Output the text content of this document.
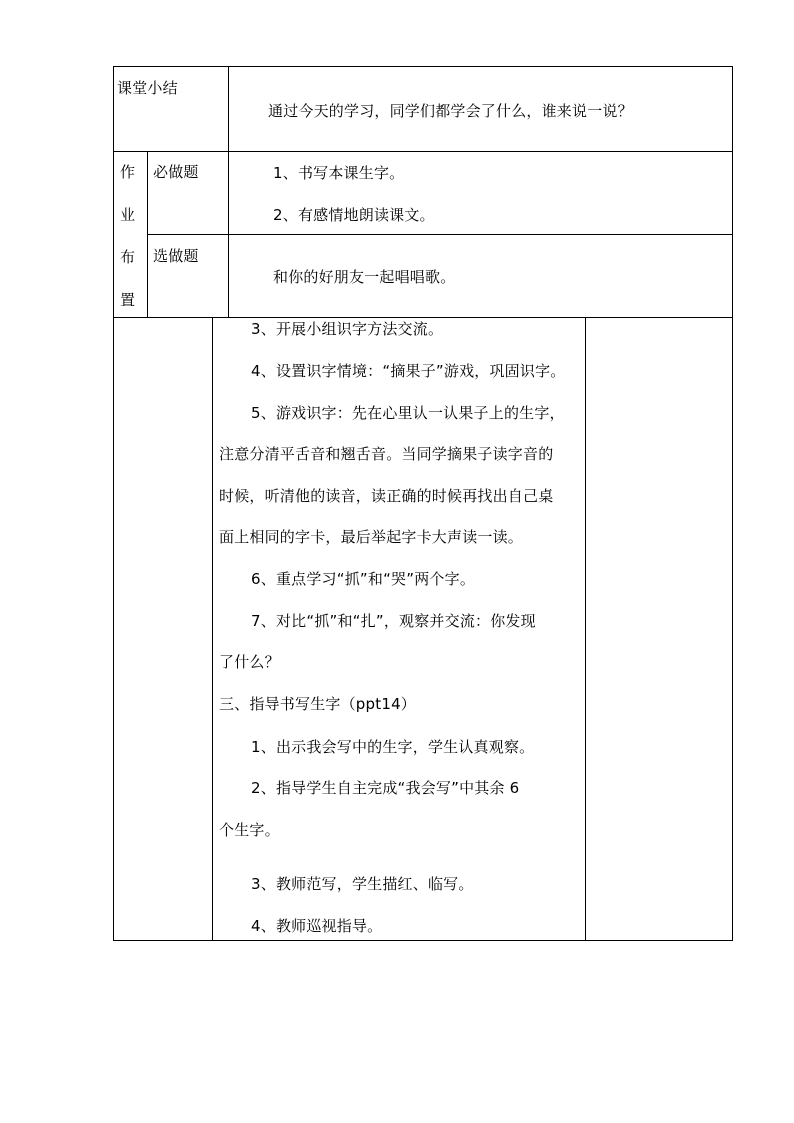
课堂小结
通过今天的学习，同学们都学会了什么，谁来说一说？
作
业
布
置
必做题	1、书写本课生字。
2、有感情地朗读课文。
选做题
和你的好朋友一起唱唱歌。
3、开展小组识字方法交流。
4、设置识字情境：“摘果子”游戏，巩固识字。
5、游戏识字：先在心里认一认果子上的生字，
注意分清平舌音和翘舌音。当同学摘果子读字音的
时候，听清他的读音，读正确的时候再找出自己桌
面上相同的字卡，最后举起字卡大声读一读。
6、重点学习“抓”和“哭”两个字。
7、对比“抓”和“扎”，观察并交流：你发现
了什么？
三、指导书写生字（ppt14）
1、出示我会写中的生字，学生认真观察。
2、指导学生自主完成“我会写”中其余 6
个生字。
3、教师范写，学生描红、临写。
4、教师巡视指导。
